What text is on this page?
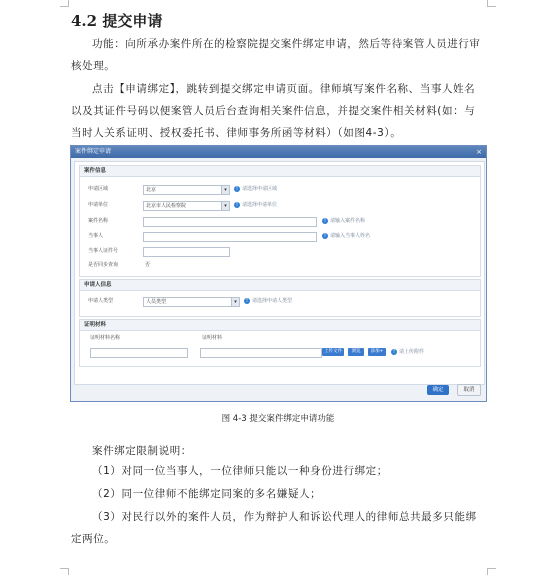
4.2 提交申请
功能：向所承办案件所在的检察院提交案件绑定申请，然后等待案管人员进行审核处理。
点击【申请绑定】，跳转到提交绑定申请页面。律师填写案件名称、当事人姓名以及其证件号码以便案管人员后台查询相关案件信息，并提交案件相关材料(如：与当时人关系证明、授权委托书、律师事务所函等材料）（如图4-3）。
案件绑定申请	×
案件信息
申请区域	北京	▾	! 请选择申请区域
申请单位	北京市人民检察院	▾	! 请选择申请单位
案件名称	! 请输入案件名称
当事人	! 请输入当事人姓名
当事人证件号
是否同步查询	否
申请人信息
申请人类型	人员类型	▾	! 请选择申请人类型
证明材料
证明材料名称	证明材料
上传文件	浏览	添加+	! 请上传附件
确定	取消
图 4-3 提交案件绑定申请功能
案件绑定限制说明：
（1）对同一位当事人，一位律师只能以一种身份进行绑定；
（2）同一位律师不能绑定同案的多名嫌疑人；
（3）对民行以外的案件人员，作为辩护人和诉讼代理人的律师总共最多只能绑定两位。
